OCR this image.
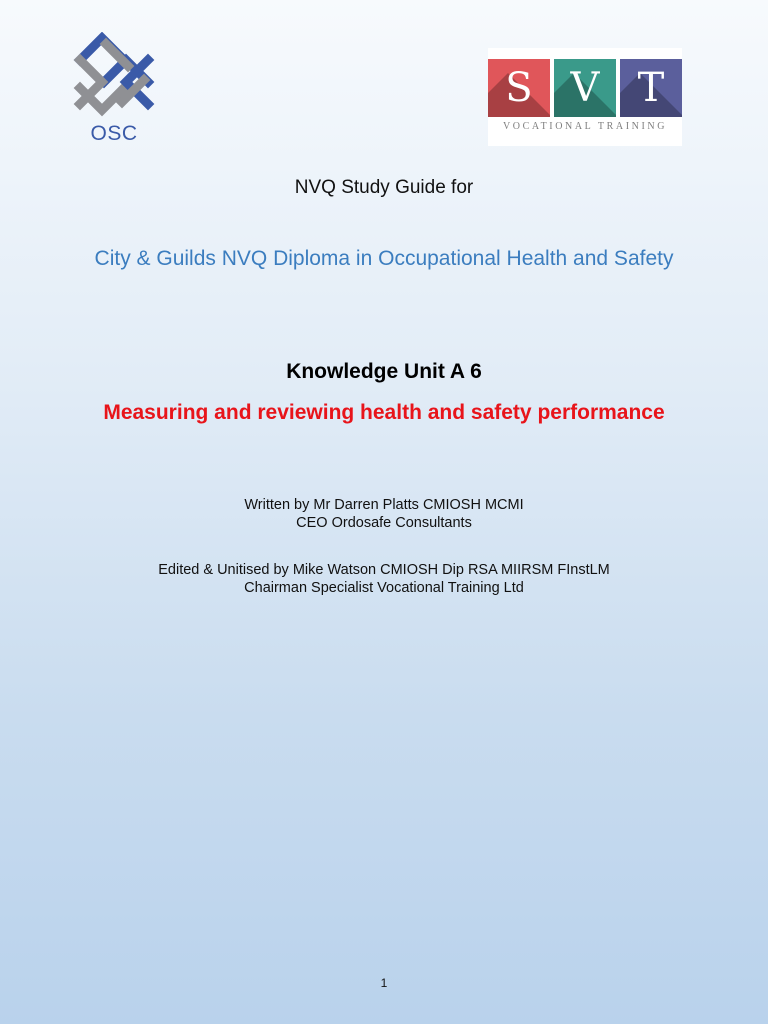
OSC
S V T
VOCATIONAL TRAINING

NVQ Study Guide for

City & Guilds NVQ Diploma in Occupational Health and Safety

Knowledge Unit A 6

Measuring and reviewing health and safety performance

Written by Mr Darren Platts CMIOSH MCMI

CEO Ordosafe Consultants

Edited & Unitised by Mike Watson CMIOSH Dip RSA MIIRSM FInstLM

Chairman Specialist Vocational Training Ltd

1
